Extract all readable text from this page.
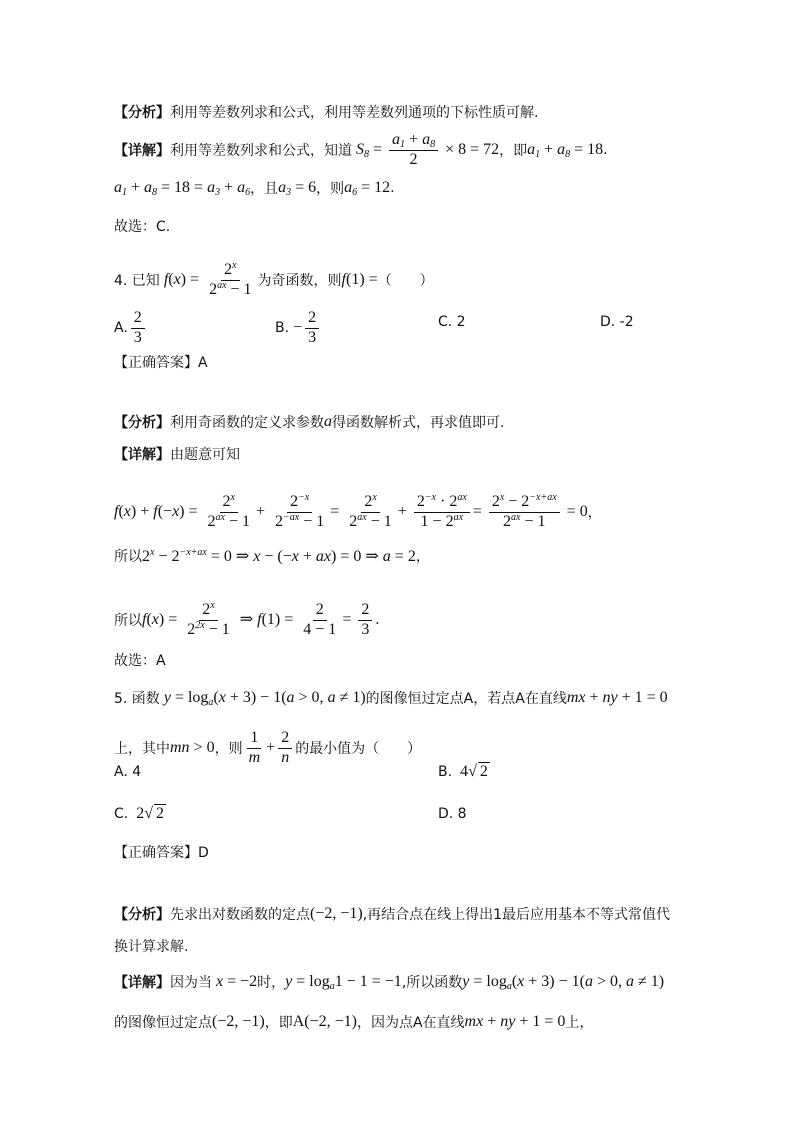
【分析】 利用等差数列求和公式，利用等差数列通项的下标性质可解.
【详解】 利用等差数列求和公式，知道 $S_8 = \frac{a_1 + a_8}{2} \times 8 = 72$ ，即 $a_1 + a_8 = 18$ .
$a_1 + a_8 = 18 = a_3 + a_6$ ，且 $a_3 = 6$ ，则 $a_6 = 12$ .
故选：C.
4. 已知 $f(x) = \frac{2^x}{2^{ax} - 1}$ 为奇函数，则 f(1) = （　　）
A. $\frac{2}{3}$	B. − $\frac{2}{3}$	C. 2	D. -2
【正确答案】A
【分析】 利用奇函数的定义求参数 a 得函数解析式，再求值即可.
【详解】 由题意可知
$f(x) + f(-x) = \frac{2^x}{2^{ax} - 1} + \frac{2^{-x}}{2^{-ax} - 1} = \frac{2^x}{2^{ax} - 1} + \frac{2^{-x} \cdot 2^{ax}}{1 - 2^{ax}} = \frac{2^x - 2^{-x+ax}}{2^{ax} - 1} = 0$ ，
所以 $2^x - 2^{-x+ax} = 0$ ⇒ x − (−x + ax) = 0 ⇒ a = 2 ，
所以 $f(x) = \frac{2^x}{2^{2x} - 1}$ ⇒ $f(1) = \frac{2}{4 - 1} = \frac{2}{3}$ .
故选：A
5. 函数 $y = \log_a(x + 3) - 1(a > 0$, a ≠ 1) 的图像恒过定点A，若点A在直线 mx + ny + 1 = 0
上，其中 mn > 0 ，则 $\frac{1}{m} + \frac{2}{n}$ 的最小值为（　　）
A. 4	B. 4√ 2
C. 2√ 2	D. 8
【正确答案】D
【分析】 先求出对数函数的定点 (−2, −1) ,再结合点在线上得出1最后应用基本不等式常值代
换计算求解.
【详解】 因为当 x = −2 时， $y = \log_a1 - 1 = -1$ ,所以函数 $y = \log_a(x + 3) - 1(a > 0$, a ≠ 1)
的图像恒过定点 (−2, −1) ，即 A(−2, −1) ，因为点A在直线 mx + ny + 1 = 0 上，
